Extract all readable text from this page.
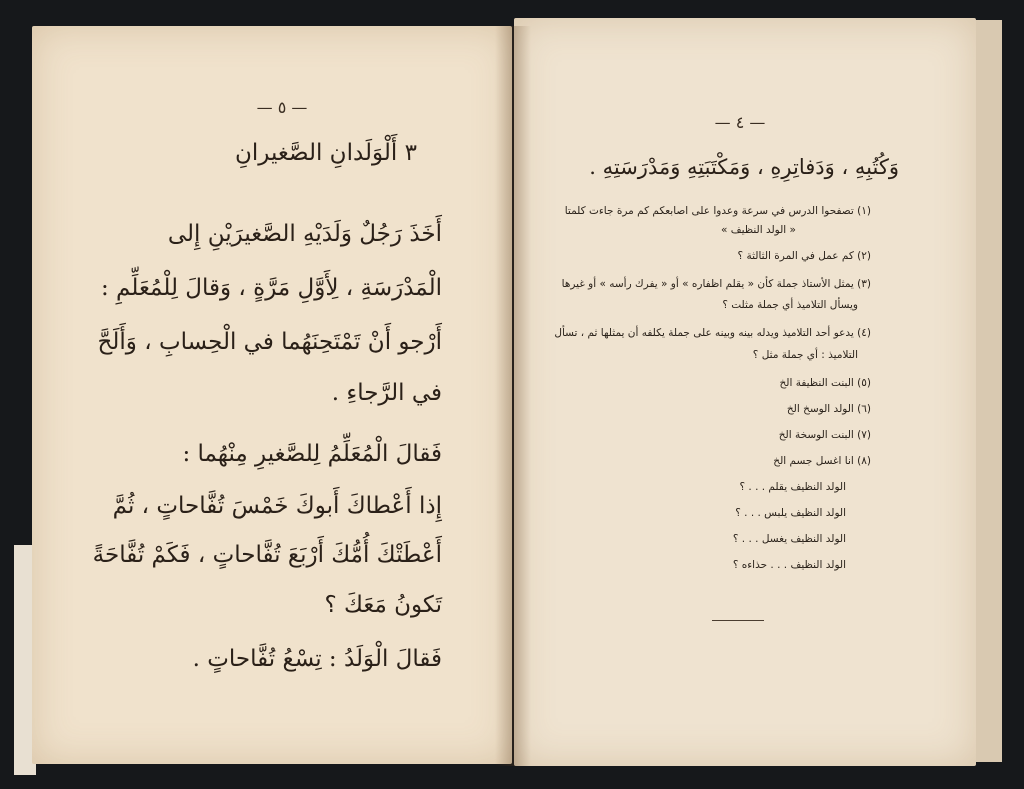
— ٥ —
٣ أَلْوَلَدانِ الصَّغيرانِ
أَخَذَ رَجُلٌ وَلَدَيْهِ الصَّغيرَيْنِ إِلى
الْمَدْرَسَةِ ، لِأَوَّلِ مَرَّةٍ ، وَقالَ لِلْمُعَلِّمِ :
أَرْجو أَنْ تَمْتَحِنَهُما في الْحِسابِ ، وَأَلَحَّ
في الرَّجاءِ .
فَقالَ الْمُعَلِّمُ لِلصَّغيرِ مِنْهُما :
إِذا أَعْطاكَ أَبوكَ خَمْسَ تُفَّاحاتٍ ، ثُمَّ
أَعْطَتْكَ أُمُّكَ أَرْبَعَ تُفَّاحاتٍ ، فَكَمْ تُفَّاحَةً
تَكونُ مَعَكَ ؟
فَقالَ الْوَلَدُ : تِسْعُ تُفَّاحاتٍ .
— ٤ —
وَكُتُبِهِ ، وَدَفاتِرِهِ ، وَمَكْتَبَتِهِ وَمَدْرَسَتِهِ .
(١) تصفحوا الدرس في سرعة وعدوا على اصابعكم كم مرة جاءت كلمتا
« الولد النظيف »
(٢) كم عمل في المرة الثالثة ؟
(٣) يمثل الأستاذ جملة كأن « يقلم اظفاره » أو « يفرك رأسه » أو غيرها
ويسأل التلاميذ أي جملة مثلت ؟
(٤) يدعو أحد التلاميذ ويدله بينه وبينه على جملة يكلفه أن يمثلها ثم ، تسأل
التلاميذ : أي جملة مثل ؟
(٥) البنت النظيفة الخ
(٦) الولد الوسخ الخ
(٧) البنت الوسخة الخ
(٨) انا اغسل جسم الخ
الولد النظيف يقلم . . . ؟
الولد النظيف يلبس . . . ؟
الولد النظيف يغسل . . . ؟
الولد النظيف . . . حذاءه ؟
